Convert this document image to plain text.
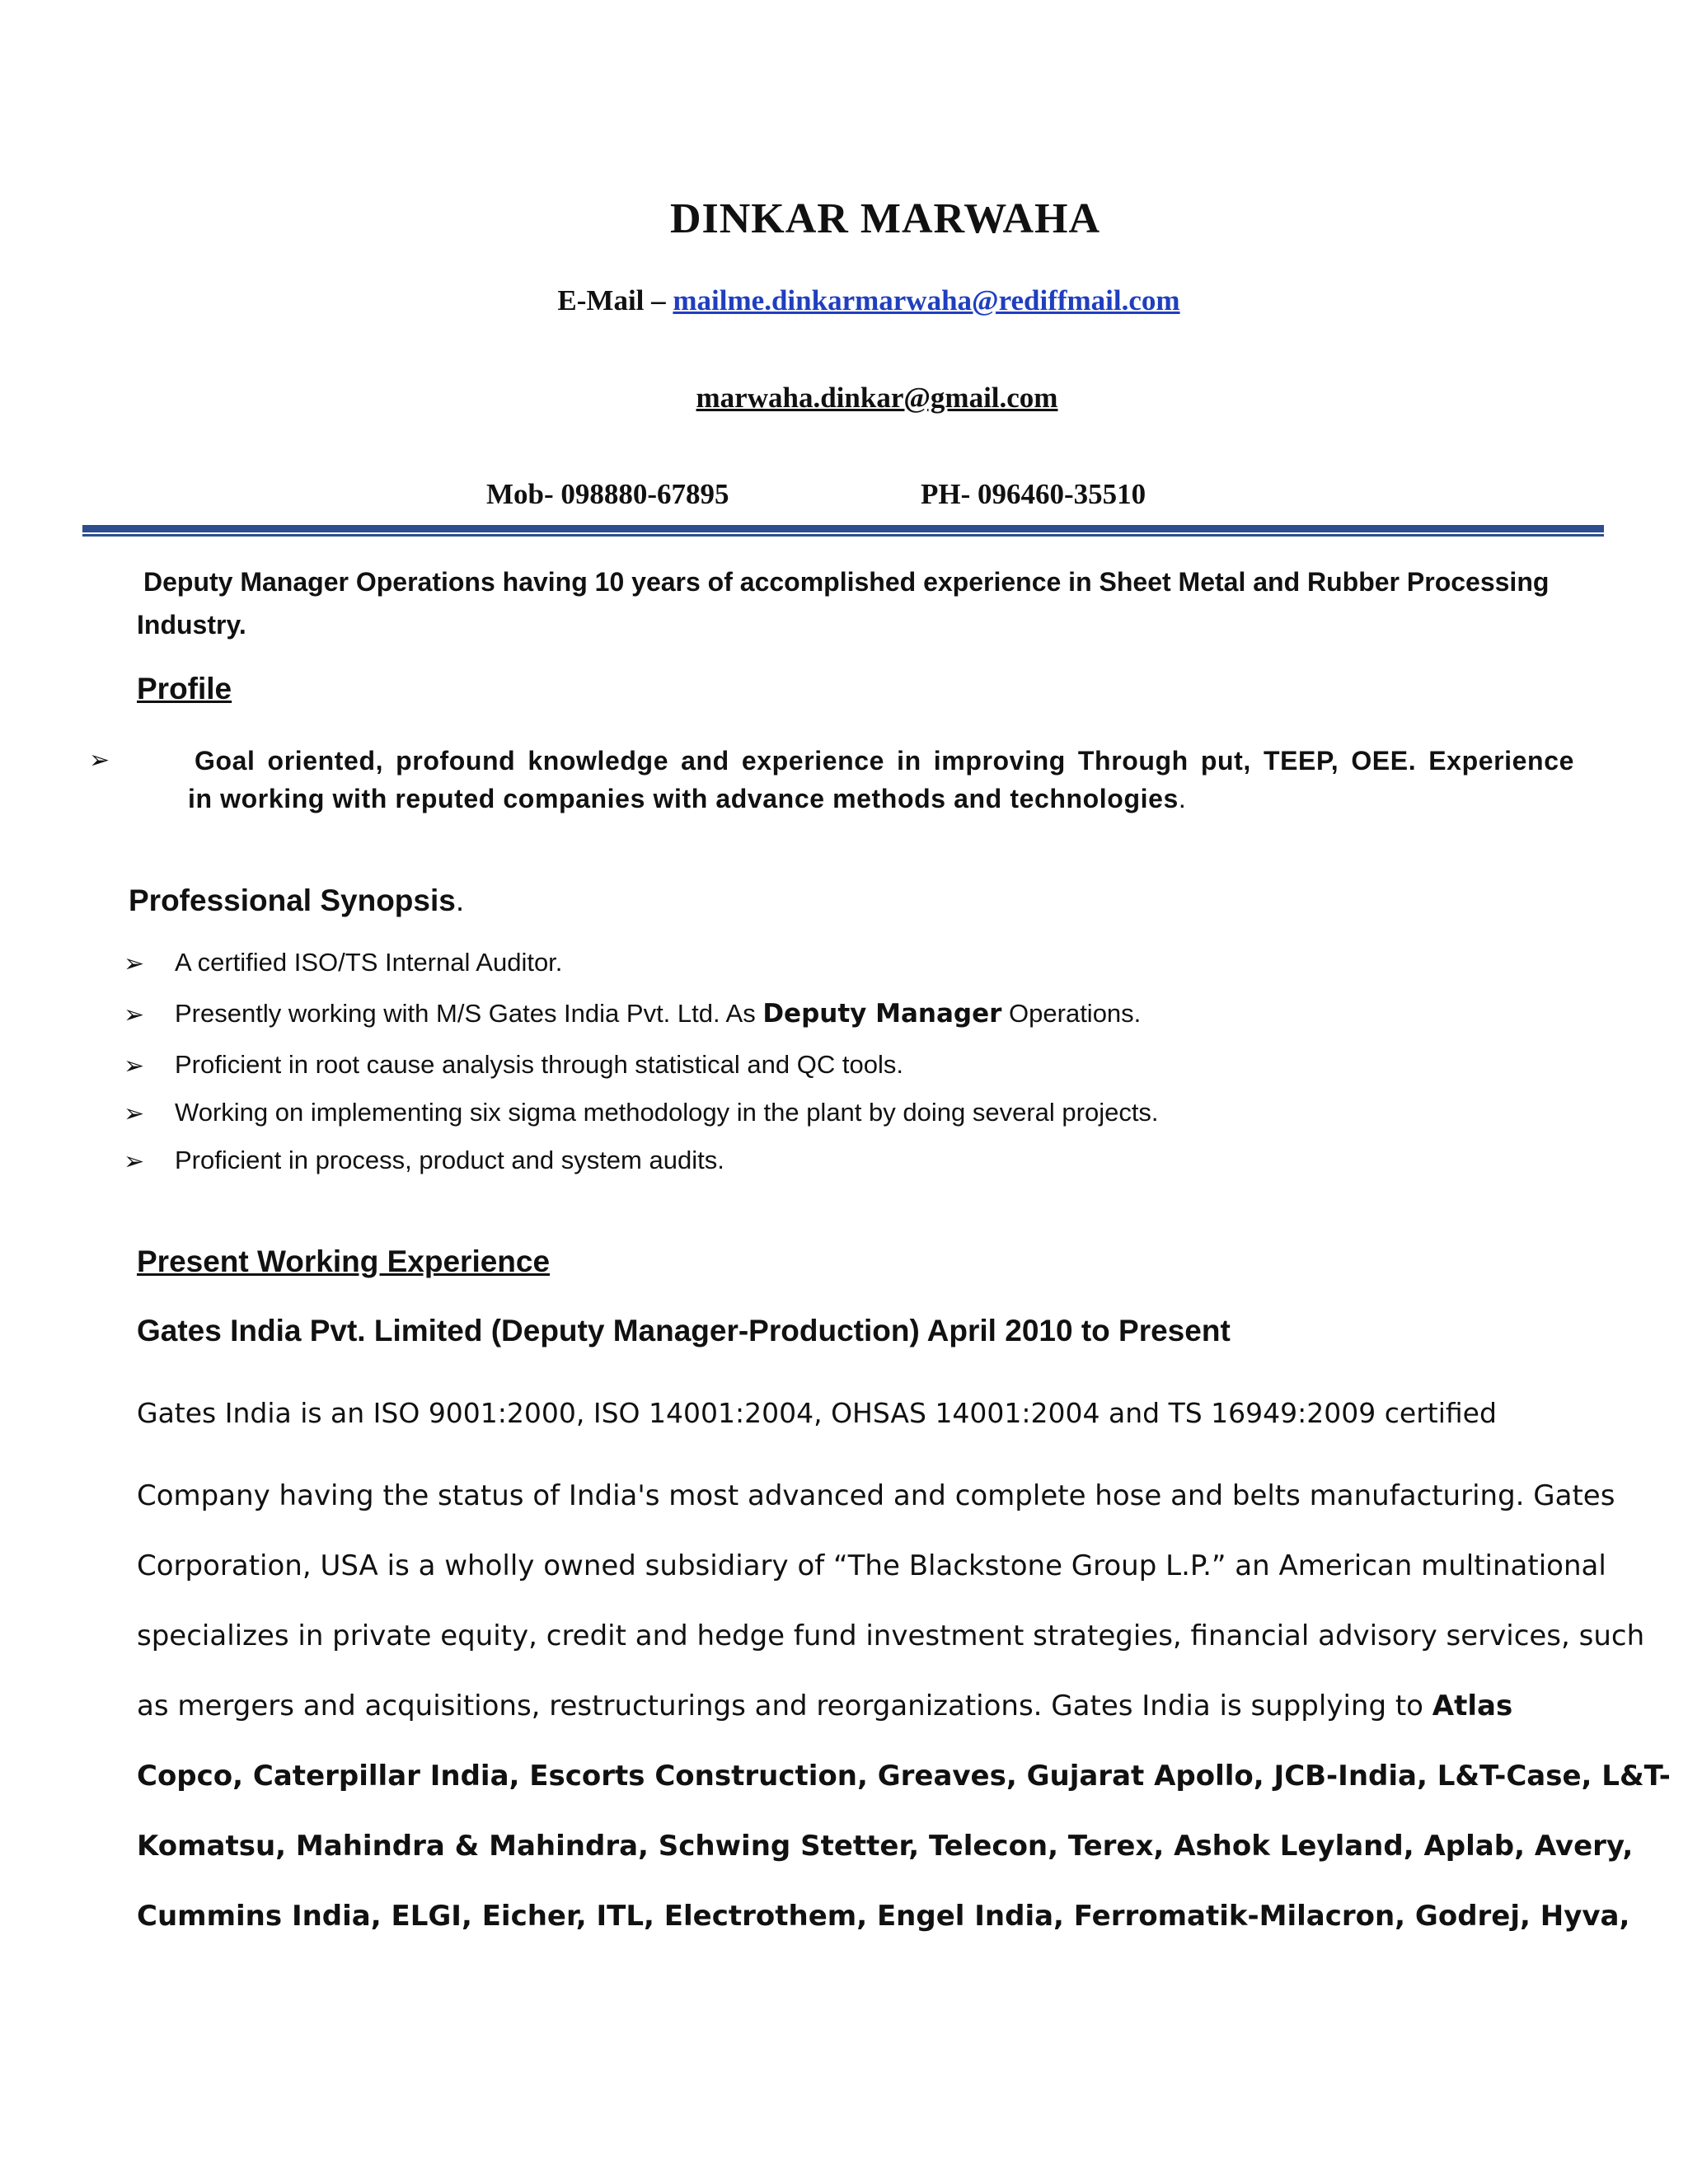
DINKAR MARWAHA
E-Mail – mailme.dinkarmarwaha@rediffmail.com
marwaha.dinkar@gmail.com
Mob- 098880-67895	PH- 096460-35510
Deputy Manager Operations having 10 years of accomplished experience in Sheet Metal and Rubber Processing
Industry.
Profile
➢	Goal oriented, profound knowledge and experience in improving Through put, TEEP, OEE. Experience
in working with reputed companies with advance methods and technologies.
Professional Synopsis.
➢ A certified ISO/TS Internal Auditor.
➢ Presently working with M/S Gates India Pvt. Ltd. As Deputy Manager Operations.
➢ Proficient in root cause analysis through statistical and QC tools.
➢ Working on implementing six sigma methodology in the plant by doing several projects.
➢ Proficient in process, product and system audits.
Present Working Experience
Gates India Pvt. Limited (Deputy Manager-Production) April 2010 to Present
Gates India is an ISO 9001:2000, ISO 14001:2004, OHSAS 14001:2004 and TS 16949:2009 certified
Company having the status of India's most advanced and complete hose and belts manufacturing. Gates
Corporation, USA is a wholly owned subsidiary of “The Blackstone Group L.P.” an American multinational
specializes in private equity, credit and hedge fund investment strategies, financial advisory services, such
as mergers and acquisitions, restructurings and reorganizations. Gates India is supplying to Atlas
Copco, Caterpillar India, Escorts Construction, Greaves, Gujarat Apollo, JCB-India, L&T-Case, L&T-
Komatsu, Mahindra & Mahindra, Schwing Stetter, Telecon, Terex, Ashok Leyland, Aplab, Avery,
Cummins India, ELGI, Eicher, ITL, Electrothem, Engel India, Ferromatik-Milacron, Godrej, Hyva,
